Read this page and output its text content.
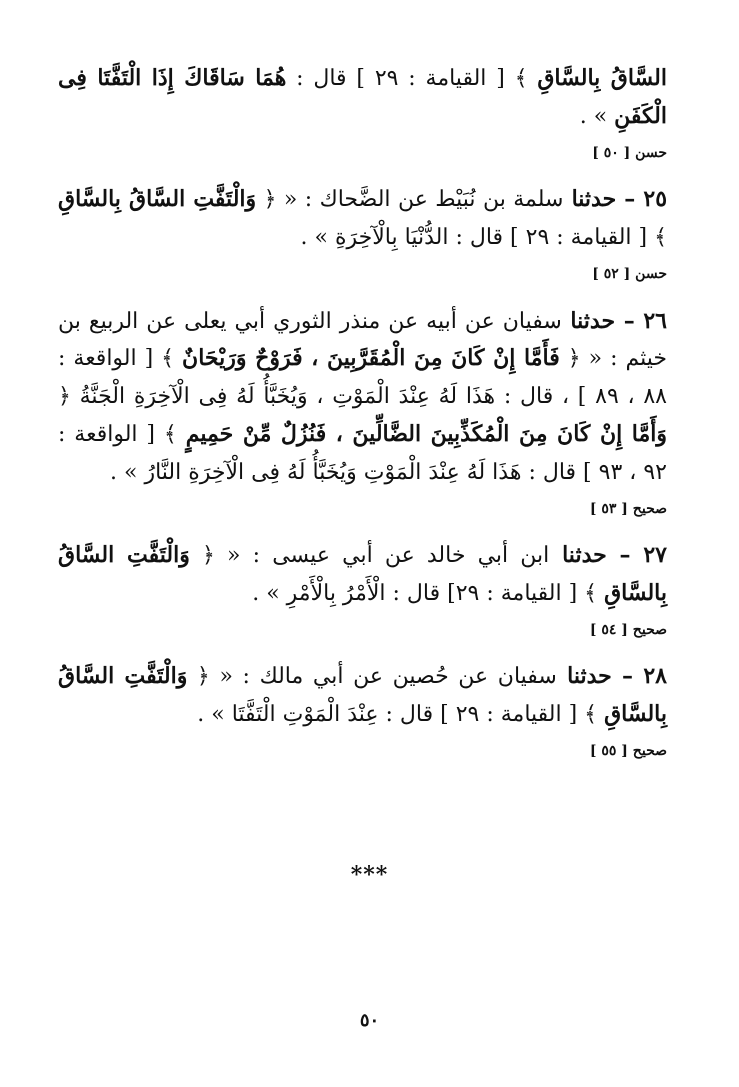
السَّاقُ بِالسَّاقِ ﴾ [ القيامة : ٢٩ ] قال : هُمَا سَاقَاكَ إِذَا الْتَفَّتَا فِى الْكَفَنِ » .

حسن [ ٥٠ ]

٢٥ – حدثنا سلمة بن نُبَيْط عن الضَّحاك : « ﴿ وَالْتَفَّتِ السَّاقُ بِالسَّاقِ ﴾ [ القيامة : ٢٩ ] قال : الدُّنْيَا بِالْآخِرَةِ » .

حسن [ ٥٢ ]

٢٦ – حدثنا سفيان عن أبيه عن منذر الثوري أبي يعلى عن الربيع بن خيثم : « ﴿ فَأَمَّا إِنْ كَانَ مِنَ الْمُقَرَّبِينَ ، فَرَوْحٌ وَرَيْحَانٌ ﴾ [ الواقعة : ٨٨ ، ٨٩ ] ، قال : هَذَا لَهُ عِنْدَ الْمَوْتِ ، وَيُخَبَّأُ لَهُ فِى الْآخِرَةِ الْجَنَّةُ ﴿ وَأَمَّا إِنْ كَانَ مِنَ الْمُكَذِّبِينَ الضَّالِّينَ ، فَنُزُلٌ مِّنْ حَمِيمٍ ﴾ [ الواقعة : ٩٢ ، ٩٣ ] قال : هَذَا لَهُ عِنْدَ الْمَوْتِ وَيُخَبَّأُ لَهُ فِى الْآخِرَةِ النَّارُ » .

صحيح [ ٥٣ ]

٢٧ – حدثنا ابن أبي خالد عن أبي عيسى : « ﴿ وَالْتَفَّتِ السَّاقُ بِالسَّاقِ ﴾ [ القيامة : ٢٩] قال : الْأَمْرُ بِالْأَمْرِ » .

صحيح [ ٥٤ ]

٢٨ – حدثنا سفيان عن حُصين عن أبي مالك : « ﴿ وَالْتَفَّتِ السَّاقُ بِالسَّاقِ ﴾ [ القيامة : ٢٩ ] قال : عِنْدَ الْمَوْتِ الْتَفَّتَا » .

صحيح [ ٥٥ ]
***
٥٠
